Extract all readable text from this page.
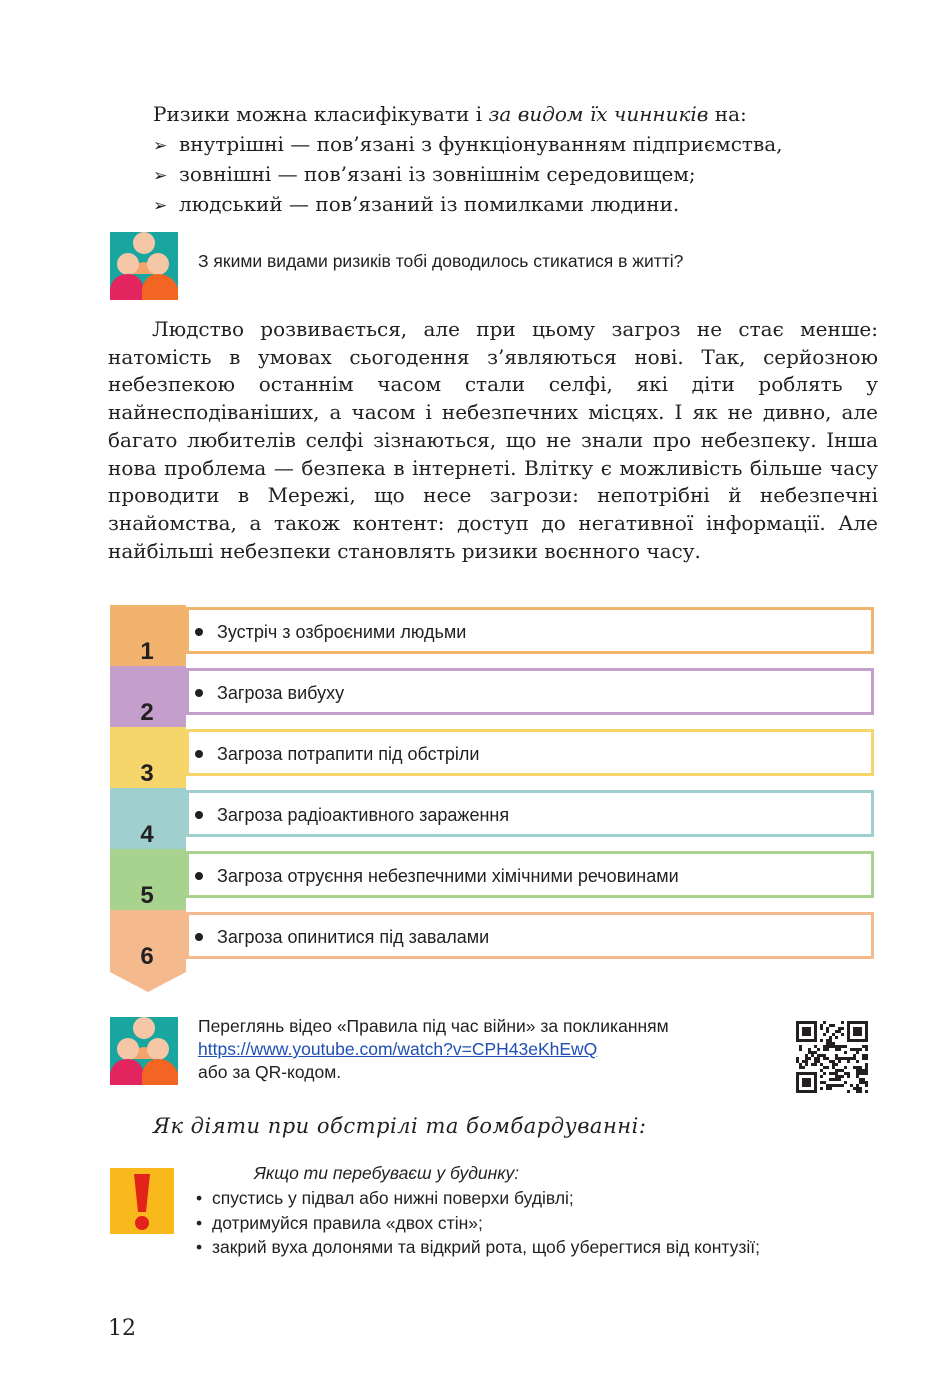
Ризики можна класифікувати і за видом їх чинників на:
➢ внутрішні — пов’язані з функціонуванням підприємства,
➢ зовнішні — пов’язані із зовнішнім середовищем;
➢ людський — пов’язаний із помилками людини.
З якими видами ризиків тобі доводилось стикатися в житті?

Людство розвивається, але при цьому загроз не стає менше: натомість в умовах сьогодення з’являються нові. Так, серйозною небезпекою останнім часом стали селфі, які діти роблять у найнесподіваніших, а часом і небезпечних місцях. І як не дивно, але багато любителів селфі зізнаються, що не знали про небезпеку. Інша нова проблема — безпека в інтернеті. Влітку є можливість більше часу проводити в Мережі, що несе загрози: непотрібні й небезпечні знайомства, а також контент: доступ до негативної інформації. Але найбільші небезпеки становлять ризики воєнного часу.

1
Зустріч з озброєними людьми
2
Загроза вибуху
3
Загроза потрапити під обстріли
4
Загроза радіоактивного зараження
5
Загроза отруєння небезпечними хімічними речовинами
6
Загроза опинитися під завалами
Переглянь відео «Правила під час війни» за покликанням
https://www.youtube.com/watch?v=CPH43eKhEwQ
або за QR-кодом.
Як діяти при обстрілі та бомбардуванні:
Якщо ти перебуваєш у будинку:
• спустись у підвал або нижні поверхи будівлі;
• дотримуйся правила «двох стін»;
• закрий вуха долонями та відкрий рота, щоб уберегтися від контузії;
12
